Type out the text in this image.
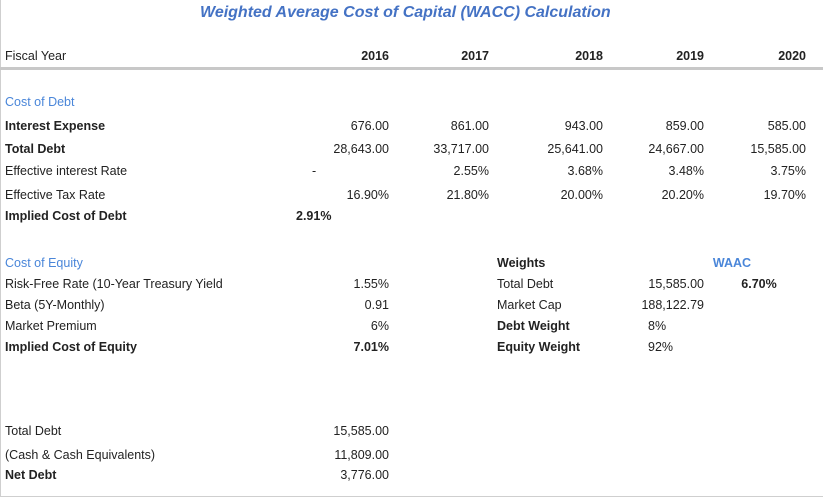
Weighted Average Cost of Capital (WACC) Calculation
Fiscal Year	2016	2017	2018	2019	2020
Cost of Debt
Interest Expense	676.00	861.00	943.00	859.00	585.00
Total Debt	28,643.00	33,717.00	25,641.00	24,667.00	15,585.00
Effective interest Rate	-	2.55%	3.68%	3.48%	3.75%
Effective Tax Rate	16.90%	21.80%	20.00%	20.20%	19.70%
Implied Cost of Debt	2.91%
Cost of Equity
Risk-Free Rate (10-Year Treasury Yield	1.55%
Beta (5Y-Monthly)	0.91
Market Premium	6%
Implied Cost of Equity	7.01%
Weights
Total Debt	15,585.00
Market Cap	188,122.79
Debt Weight	8%
Equity Weight	92%
WAAC
6.70%
Total Debt	15,585.00
(Cash & Cash Equivalents)	11,809.00
Net Debt	3,776.00
